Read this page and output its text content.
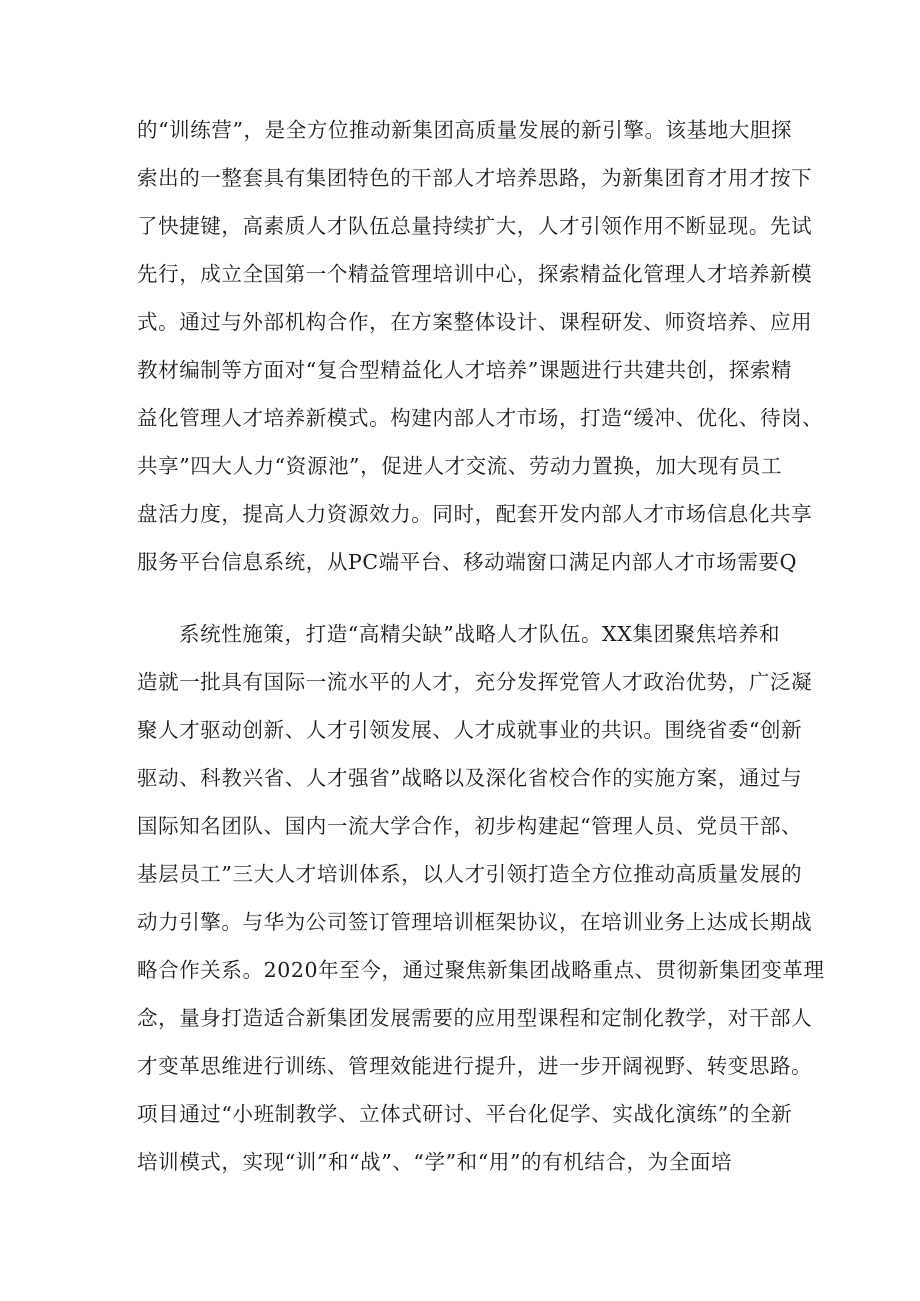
的“训练营”，是全方位推动新集团高质量发展的新引擎。该基地大胆探
索出的一整套具有集团特色的干部人才培养思路，为新集团育才用才按下
了快捷键，高素质人才队伍总量持续扩大，人才引领作用不断显现。先试
先行，成立全国第一个精益管理培训中心，探索精益化管理人才培养新模
式。通过与外部机构合作，在方案整体设计、课程研发、师资培养、应用
教材编制等方面对“复合型精益化人才培养”课题进行共建共创，探索精
益化管理人才培养新模式。构建内部人才市场，打造“缓冲、优化、待岗、
共享”四大人力“资源池”，促进人才交流、劳动力置换，加大现有员工
盘活力度，提高人力资源效力。同时，配套开发内部人才市场信息化共享
服务平台信息系统，从PC端平台、移动端窗口满足内部人才市场需要Q
系统性施策，打造“高精尖缺”战略人才队伍。XX集团聚焦培养和
造就一批具有国际一流水平的人才，充分发挥党管人才政治优势，广泛凝
聚人才驱动创新、人才引领发展、人才成就事业的共识。围绕省委“创新
驱动、科教兴省、人才强省”战略以及深化省校合作的实施方案，通过与
国际知名团队、国内一流大学合作，初步构建起“管理人员、党员干部、
基层员工”三大人才培训体系，以人才引领打造全方位推动高质量发展的
动力引擎。与华为公司签订管理培训框架协议，在培训业务上达成长期战
略合作关系。2020年至今，通过聚焦新集团战略重点、贯彻新集团变革理
念，量身打造适合新集团发展需要的应用型课程和定制化教学，对干部人
才变革思维进行训练、管理效能进行提升，进一步开阔视野、转变思路。
项目通过“小班制教学、立体式研讨、平台化促学、实战化演练”的全新
培训模式，实现“训”和“战”、“学”和“用”的有机结合，为全面培
